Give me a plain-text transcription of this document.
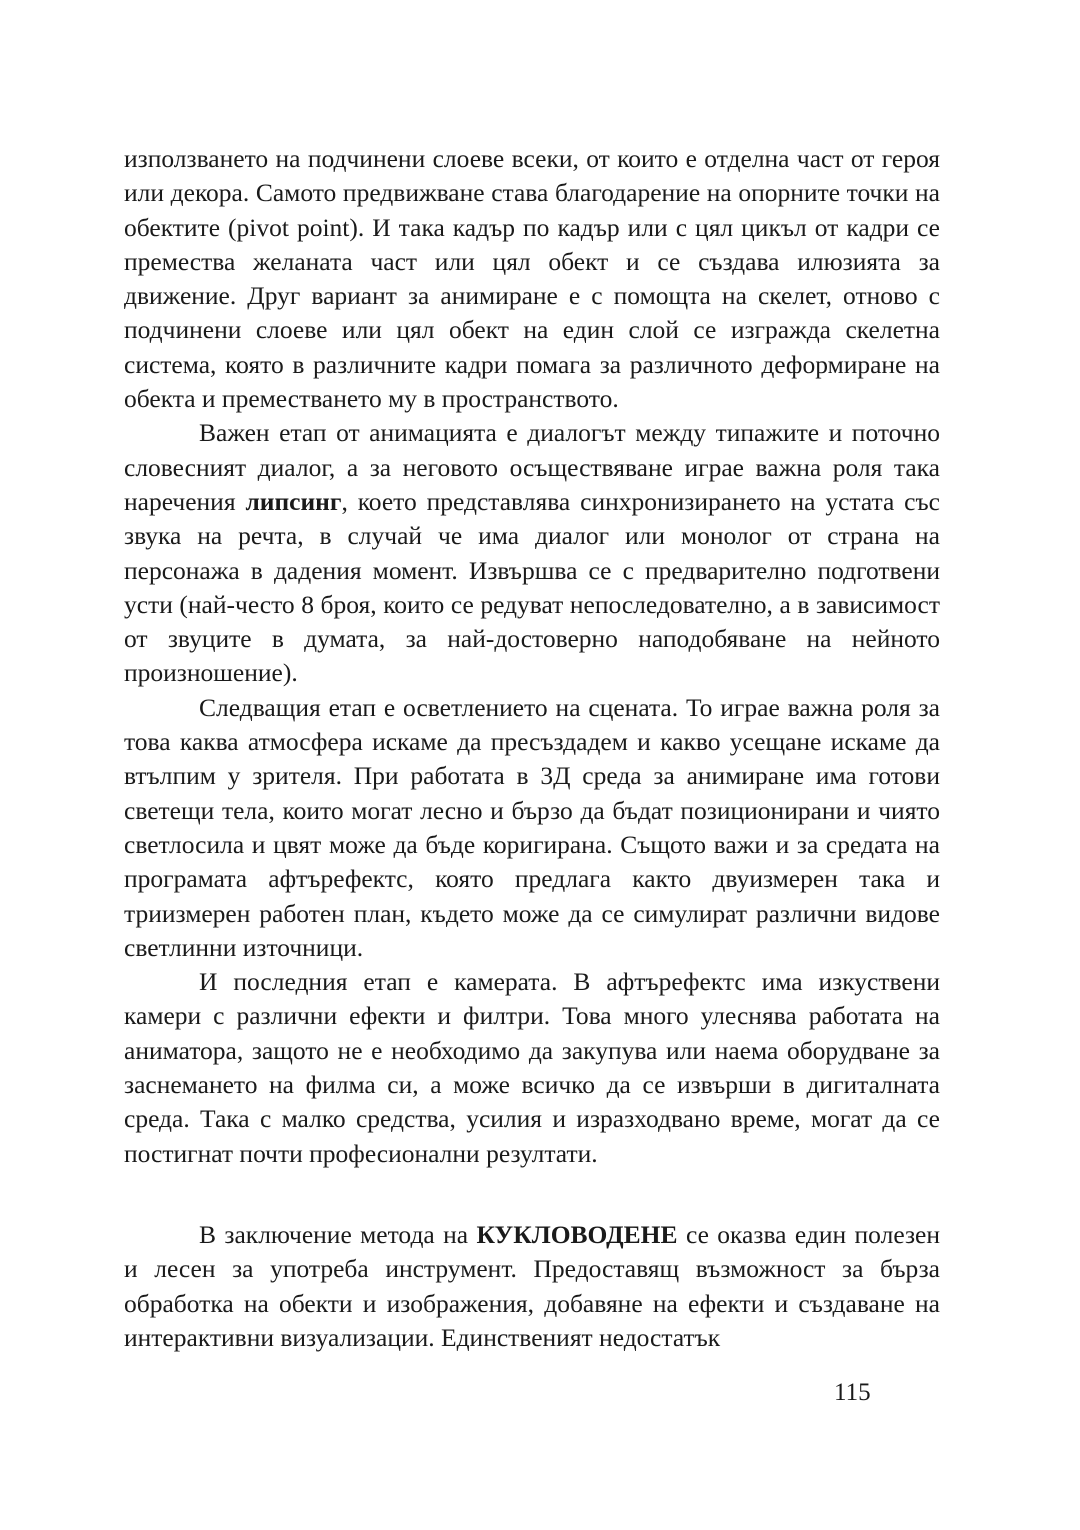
използването на подчинени слоеве всеки, от които е отделна част от героя или декора. Самото предвижване става благодарение на опорните точки на обектите (pivot point). И така кадър по кадър или с цял цикъл от кадри се премества желаната част или цял обект и се създава илюзията за движение. Друг вариант за анимиране е с помощта на скелет, отново с подчинени слоеве или цял обект на един слой се изгражда скелетна система, която в различните кадри помага за различното деформиране на обекта и преместването му в пространството.

Важен етап от анимацията е диалогът между типажите и поточно словесният диалог, а за неговото осъществяване играе важна роля така наречения липсинг, което представлява синхронизирането на устата със звука на речта, в случай че има диалог или монолог от страна на персонажа в дадения момент. Извършва се с предварително подготвени усти (най-често 8 броя, които се редуват непоследователно, а в зависимост от звуците в думата, за най-достоверно наподобяване на нейното произношение).

Следващия етап е осветлението на сцената. То играе важна роля за това каква атмосфера искаме да пресъздадем и какво усещане искаме да втълпим у зрителя. При работата в 3Д среда за анимиране има готови светещи тела, които могат лесно и бързо да бъдат позиционирани и чиято светлосила и цвят може да бъде коригирана. Същото важи и за средата на програмата афтърефектс, която предлага както двуизмерен така и триизмерен работен план, където може да се симулират различни видове светлинни източници.

И последния етап е камерата. В афтърефектс има изкуствени камери с различни ефекти и филтри. Това много улеснява работата на аниматора, защото не е необходимо да закупува или наема оборудване за заснемането на филма си, а може всичко да се извърши в дигиталната среда. Така с малко средства, усилия и изразходвано време, могат да се постигнат почти професионални резултати.

В заключение метода на КУКЛОВОДЕНЕ се оказва един полезен и лесен за употреба инструмент. Предоставящ възможност за бърза обработка на обекти и изображения, добавяне на ефекти и създаване на интерактивни визуализации. Единственият недостатък

115
